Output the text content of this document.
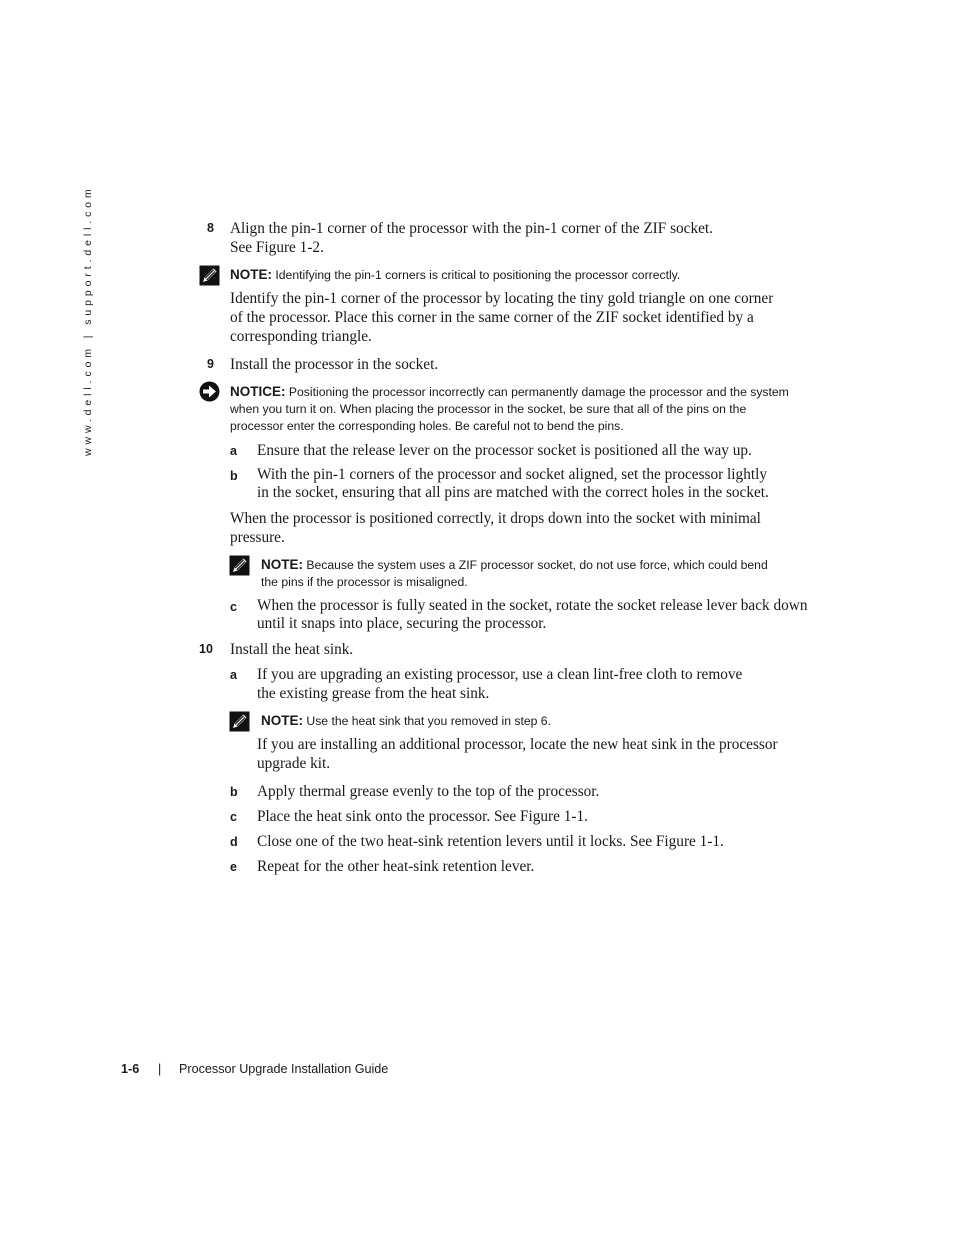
www.dell.com | support.dell.com	8 Align the pin-1 corner of the processor with the pin-1 corner of the ZIF socket.
See Figure 1-2.
NOTE: Identifying the pin-1 corners is critical to positioning the processor correctly.
Identify the pin-1 corner of the processor by locating the tiny gold triangle on one corner
of the processor. Place this corner in the same corner of the ZIF socket identified by a
corresponding triangle.
9 Install the processor in the socket.
NOTICE: Positioning the processor incorrectly can permanently damage the processor and the system
when you turn it on. When placing the processor in the socket, be sure that all of the pins on the
processor enter the corresponding holes. Be careful not to bend the pins.
a Ensure that the release lever on the processor socket is positioned all the way up.
b With the pin-1 corners of the processor and socket aligned, set the processor lightly
in the socket, ensuring that all pins are matched with the correct holes in the socket.
When the processor is positioned correctly, it drops down into the socket with minimal
pressure.
NOTE: Because the system uses a ZIF processor socket, do not use force, which could bend
the pins if the processor is misaligned.
c When the processor is fully seated in the socket, rotate the socket release lever back down
until it snaps into place, securing the processor.
10 Install the heat sink.
a If you are upgrading an existing processor, use a clean lint-free cloth to remove
the existing grease from the heat sink.
NOTE: Use the heat sink that you removed in step 6.
If you are installing an additional processor, locate the new heat sink in the processor
upgrade kit.
b Apply thermal grease evenly to the top of the processor.
c Place the heat sink onto the processor. See Figure 1-1.
d Close one of the two heat-sink retention levers until it locks. See Figure 1-1.
e Repeat for the other heat-sink retention lever.
1-6 | Processor Upgrade Installation Guide
